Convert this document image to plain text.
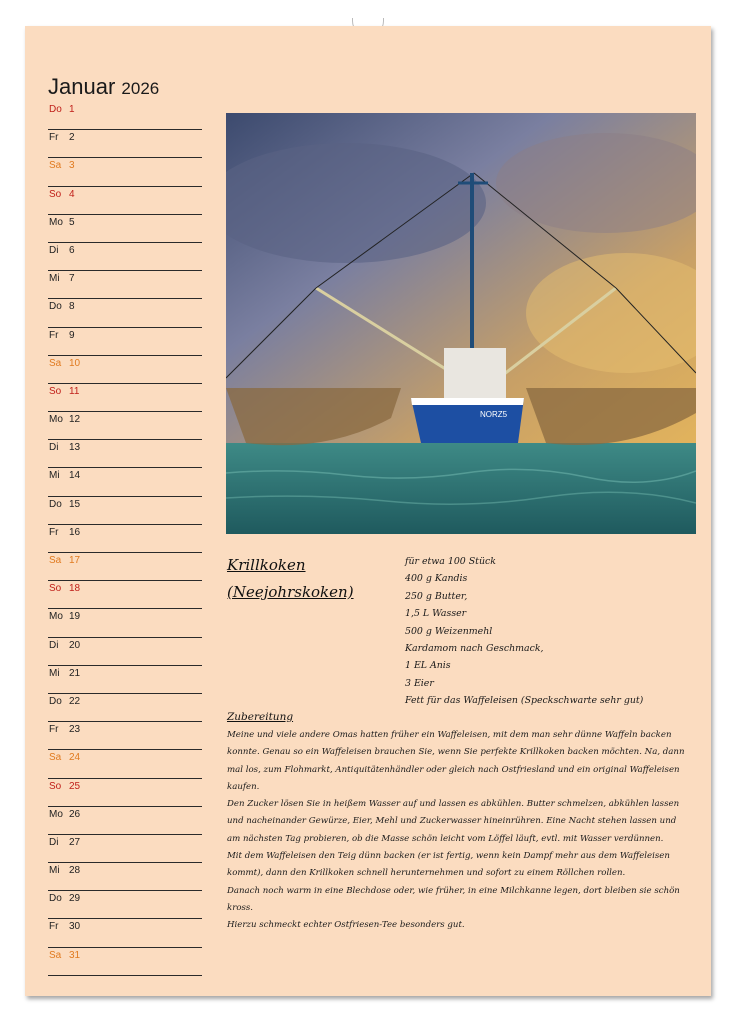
Januar 2026
Do 1
Fr 2
Sa 3
So 4
Mo 5
Di 6
Mi 7
Do 8
Fr 9
Sa 10
So 11
Mo 12
Di 13
Mi 14
Do 15
Fr 16
Sa 17
So 18
Mo 19
Di 20
Mi 21
Do 22
Fr 23
Sa 24
So 25
Mo 26
Di 27
Mi 28
Do 29
Fr 30
Sa 31
NORZ5
Krillkoken
(Neejohrskoken)
für etwa 100 Stück
400 g Kandis
250 g Butter,
1,5 L Wasser
500 g Weizenmehl
Kardamom nach Geschmack,
1 EL Anis
3 Eier
Fett für das Waffeleisen (Speckschwarte sehr gut)
Zubereitung

Meine und viele andere Omas hatten früher ein Waffeleisen, mit dem man sehr dünne Waffeln backen konnte. Genau so ein Waffeleisen brauchen Sie, wenn Sie perfekte Krillkoken backen möchten. Na, dann mal los, zum Flohmarkt, Antiquitätenhändler oder gleich nach Ostfriesland und ein original Waffeleisen kaufen.

Den Zucker lösen Sie in heißem Wasser auf und lassen es abkühlen. Butter schmelzen, abkühlen lassen und nacheinander Gewürze, Eier, Mehl und Zuckerwasser hineinrühren. Eine Nacht stehen lassen und am nächsten Tag probieren, ob die Masse schön leicht vom Löffel läuft, evtl. mit Wasser verdünnen.

Mit dem Waffeleisen den Teig dünn backen (er ist fertig, wenn kein Dampf mehr aus dem Waffeleisen kommt), dann den Krillkoken schnell herunternehmen und sofort zu einem Röllchen rollen.

Danach noch warm in eine Blechdose oder, wie früher, in eine Milchkanne legen, dort bleiben sie schön kross.

Hierzu schmeckt echter Ostfriesen-Tee besonders gut.
